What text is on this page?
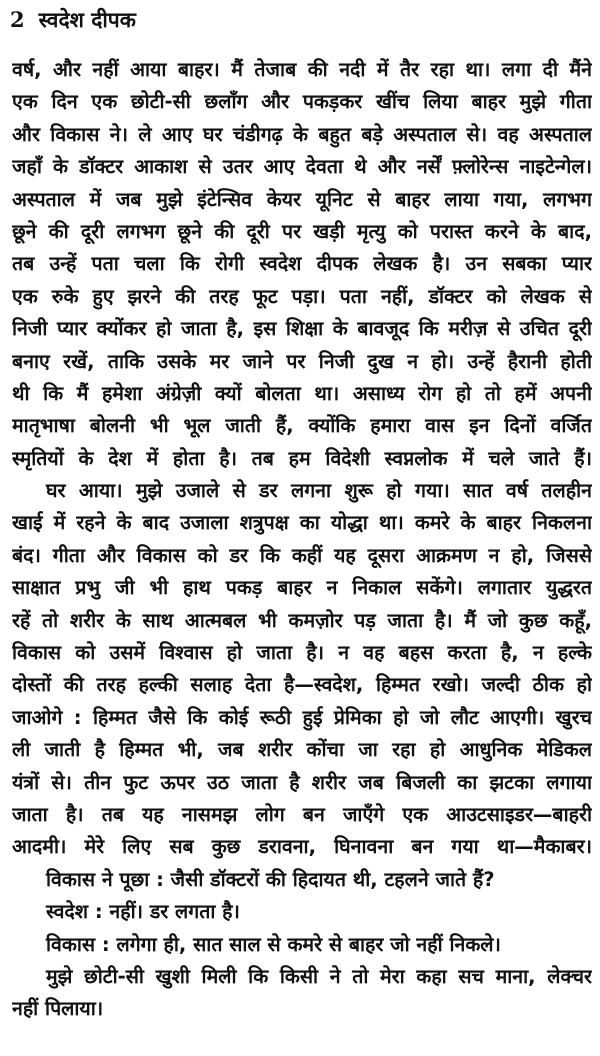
2 स्वदेश दीपक
वर्ष, और नहीं आया बाहर। मैं तेजाब की नदी में तैर रहा था। लगा दी मैंने
एक दिन एक छोटी-सी छलाँग और पकड़कर खींच लिया बाहर मुझे गीता
और विकास ने। ले आए घर चंडीगढ़ के बहुत बड़े अस्पताल से। वह अस्पताल
जहाँ के डॉक्टर आकाश से उतर आए देवता थे और नर्सें फ़्लोरेन्स नाइटेन्गेल।
अस्पताल में जब मुझे इंटेन्सिव केयर यूनिट से बाहर लाया गया, लगभग
छूने की दूरी लगभग छूने की दूरी पर खड़ी मृत्यु को परास्त करने के बाद,
तब उन्हें पता चला कि रोगी स्वदेश दीपक लेखक है। उन सबका प्यार
एक रुके हुए झरने की तरह फूट पड़ा। पता नहीं, डॉक्टर को लेखक से
निजी प्यार क्योंकर हो जाता है, इस शिक्षा के बावजूद कि मरीज़ से उचित दूरी
बनाए रखें, ताकि उसके मर जाने पर निजी दुख न हो। उन्हें हैरानी होती
थी कि मैं हमेशा अंग्रेज़ी क्यों बोलता था। असाध्य रोग हो तो हमें अपनी
मातृभाषा बोलनी भी भूल जाती हैं, क्योंकि हमारा वास इन दिनों वर्जित
स्मृतियों के देश में होता है। तब हम विदेशी स्वप्नलोक में चले जाते हैं।
घर आया। मुझे उजाले से डर लगना शुरू हो गया। सात वर्ष तलहीन
खाई में रहने के बाद उजाला शत्रुपक्ष का योद्धा था। कमरे के बाहर निकलना
बंद। गीता और विकास को डर कि कहीं यह दूसरा आक्रमण न हो, जिससे
साक्षात प्रभु जी भी हाथ पकड़ बाहर न निकाल सकेंगे। लगातार युद्धरत
रहें तो शरीर के साथ आत्मबल भी कमज़ोर पड़ जाता है। मैं जो कुछ कहूँ,
विकास को उसमें विश्वास हो जाता है। न वह बहस करता है, न हल्के
दोस्तों की तरह हल्की सलाह देता है—स्वदेश, हिम्मत रखो। जल्दी ठीक हो
जाओगे : हिम्मत जैसे कि कोई रूठी हुई प्रेमिका हो जो लौट आएगी। खुरच
ली जाती है हिम्मत भी, जब शरीर कोंचा जा रहा हो आधुनिक मेडिकल
यंत्रों से। तीन फुट ऊपर उठ जाता है शरीर जब बिजली का झटका लगाया
जाता है। तब यह नासमझ लोग बन जाएँगे एक आउटसाइडर—बाहरी
आदमी। मेरे लिए सब कुछ डरावना, घिनावना बन गया था—मैकाबर।
विकास ने पूछा : जैसी डॉक्टरों की हिदायत थी, टहलने जाते हैं?
स्वदेश : नहीं। डर लगता है।
विकास : लगेगा ही, सात साल से कमरे से बाहर जो नहीं निकले।
मुझे छोटी-सी खुशी मिली कि किसी ने तो मेरा कहा सच माना, लेक्चर
नहीं पिलाया।
